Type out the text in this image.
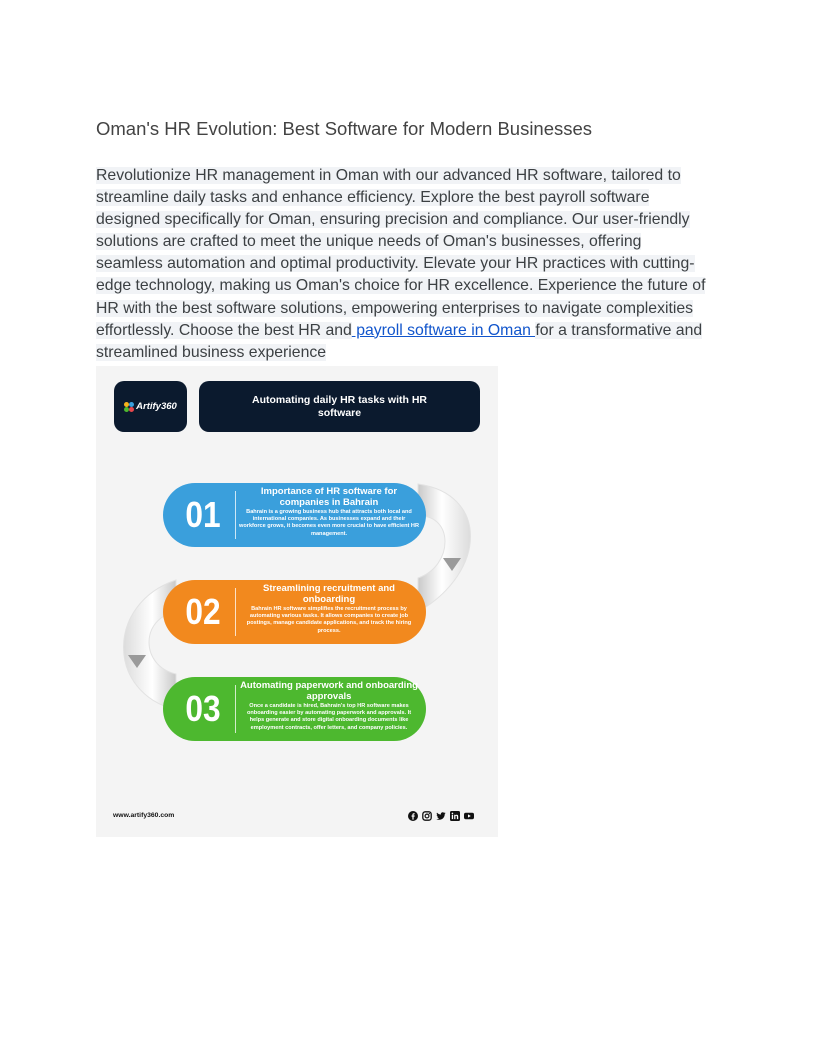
Oman's HR Evolution: Best Software for Modern Businesses

Revolutionize HR management in Oman with our advanced HR software, tailored to streamline daily tasks and enhance efficiency. Explore the best payroll software designed specifically for Oman, ensuring precision and compliance. Our user-friendly solutions are crafted to meet the unique needs of Oman's businesses, offering seamless automation and optimal productivity. Elevate your HR practices with cutting-edge technology, making us Oman's choice for HR excellence. Experience the future of HR with the best software solutions, empowering enterprises to navigate complexities effortlessly. Choose the best HR and payroll software in Oman for a transformative and streamlined business experience

Artify360
Automating daily HR tasks with HR software
01
Importance of HR software for companies in Bahrain
Bahrain is a growing business hub that attracts both local and international companies. As businesses expand and their workforce grows, it becomes even more crucial to have efficient HR management.
02
Streamlining recruitment and onboarding
Bahrain HR software simplifies the recruitment process by automating various tasks. It allows companies to create job postings, manage candidate applications, and track the hiring process.
03
Automating paperwork and onboarding approvals
Once a candidate is hired, Bahrain's top HR software makes onboarding easier by automating paperwork and approvals. It helps generate and store digital onboarding documents like employment contracts, offer letters, and company policies.
www.artify360.com
